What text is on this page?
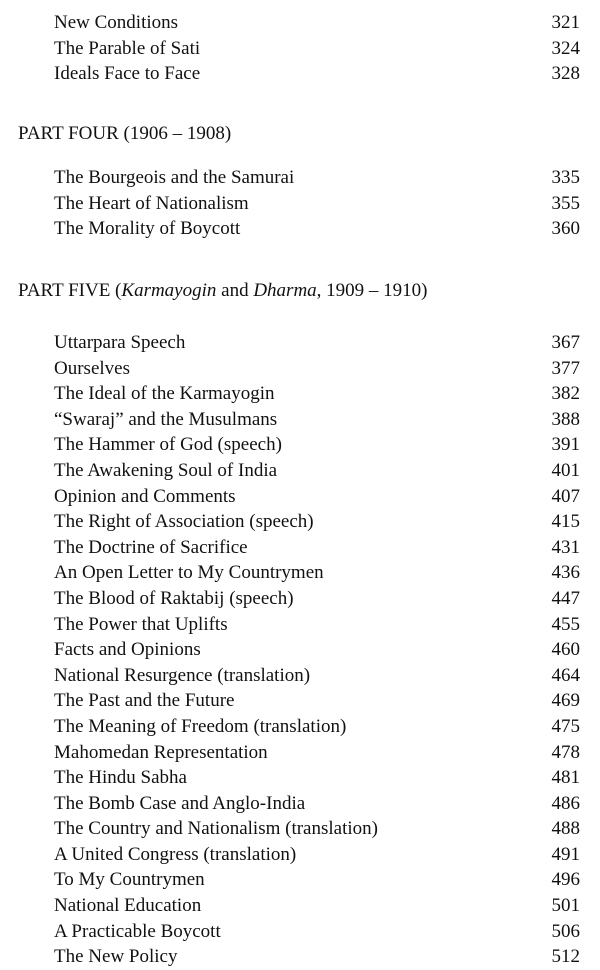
New Conditions	321
The Parable of Sati	324
Ideals Face to Face	328
PART FOUR (1906 – 1908)
The Bourgeois and the Samurai	335
The Heart of Nationalism	355
The Morality of Boycott	360
PART FIVE (Karmayogin and Dharma, 1909 – 1910)
Uttarpara Speech	367
Ourselves	377
The Ideal of the Karmayogin	382
“Swaraj” and the Musulmans	388
The Hammer of God (speech)	391
The Awakening Soul of India	401
Opinion and Comments	407
The Right of Association (speech)	415
The Doctrine of Sacrifice	431
An Open Letter to My Countrymen	436
The Blood of Raktabij (speech)	447
The Power that Uplifts	455
Facts and Opinions	460
National Resurgence (translation)	464
The Past and the Future	469
The Meaning of Freedom (translation)	475
Mahomedan Representation	478
The Hindu Sabha	481
The Bomb Case and Anglo-India	486
The Country and Nationalism (translation)	488
A United Congress (translation)	491
To My Countrymen	496
National Education	501
A Practicable Boycott	506
The New Policy	512
